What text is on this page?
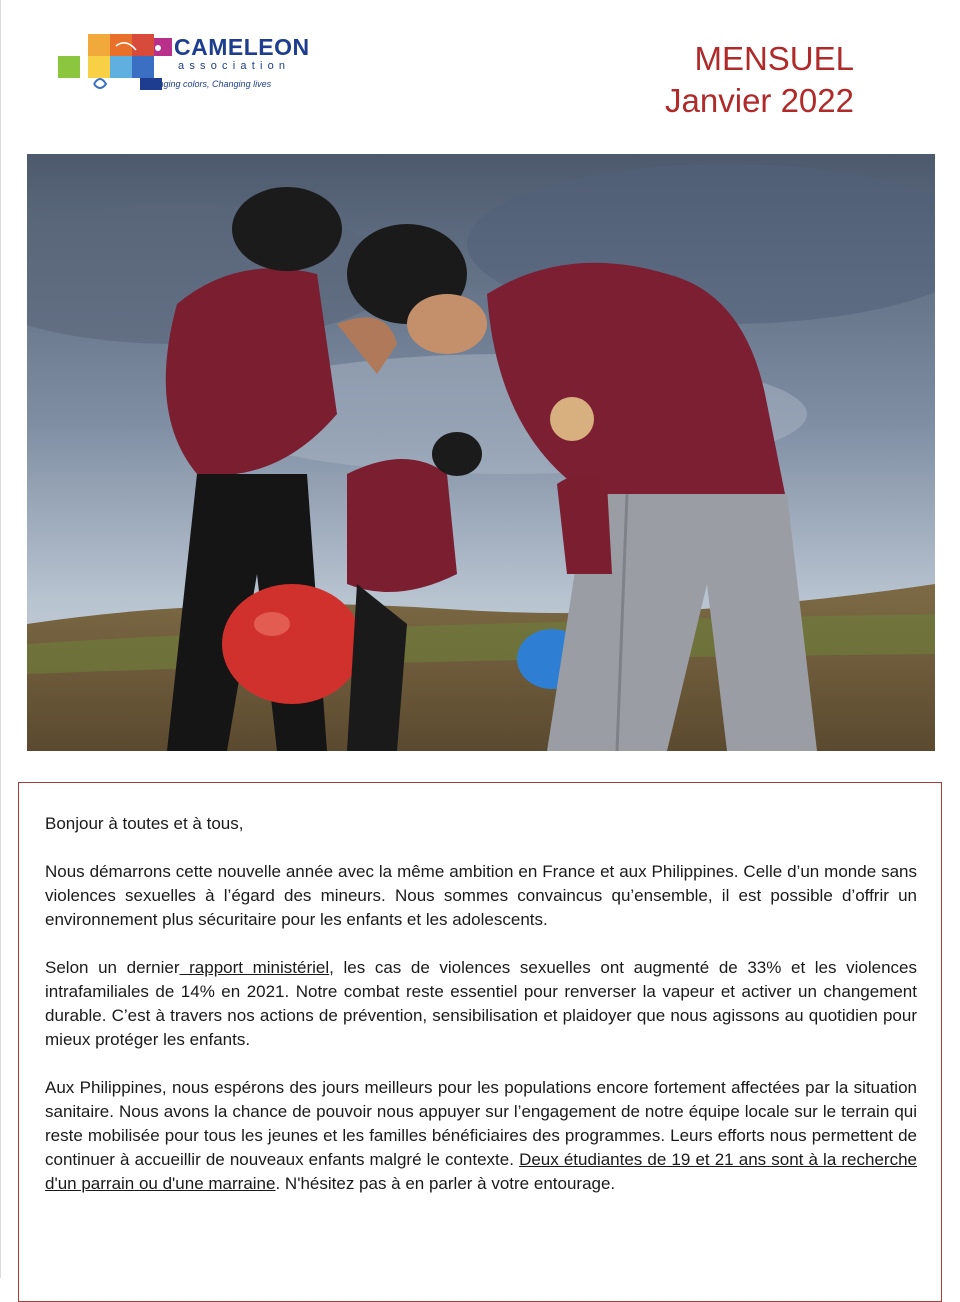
CAMELEON
association
Changing colors, Changing lives
MENSUEL
Janvier 2022

Bonjour à toutes et à tous,

Nous démarrons cette nouvelle année avec la même ambition en France et aux Philippines. Celle d’un monde sans violences sexuelles à l’égard des mineurs. Nous sommes convaincus qu’ensemble, il est possible d’offrir un environnement plus sécuritaire pour les enfants et les adolescents.

Selon un dernier rapport ministériel, les cas de violences sexuelles ont augmenté de 33% et les violences intrafamiliales de 14% en 2021. Notre combat reste essentiel pour renverser la vapeur et activer un changement durable. C’est à travers nos actions de prévention, sensibilisation et plaidoyer que nous agissons au quotidien pour mieux protéger les enfants.

Aux Philippines, nous espérons des jours meilleurs pour les populations encore fortement affectées par la situation sanitaire. Nous avons la chance de pouvoir nous appuyer sur l’engagement de notre équipe locale sur le terrain qui reste mobilisée pour tous les jeunes et les familles bénéficiaires des programmes. Leurs efforts nous permettent de continuer à accueillir de nouveaux enfants malgré le contexte. Deux étudiantes de 19 et 21 ans sont à la recherche d'un parrain ou d'une marraine. N'hésitez pas à en parler à votre entourage.
